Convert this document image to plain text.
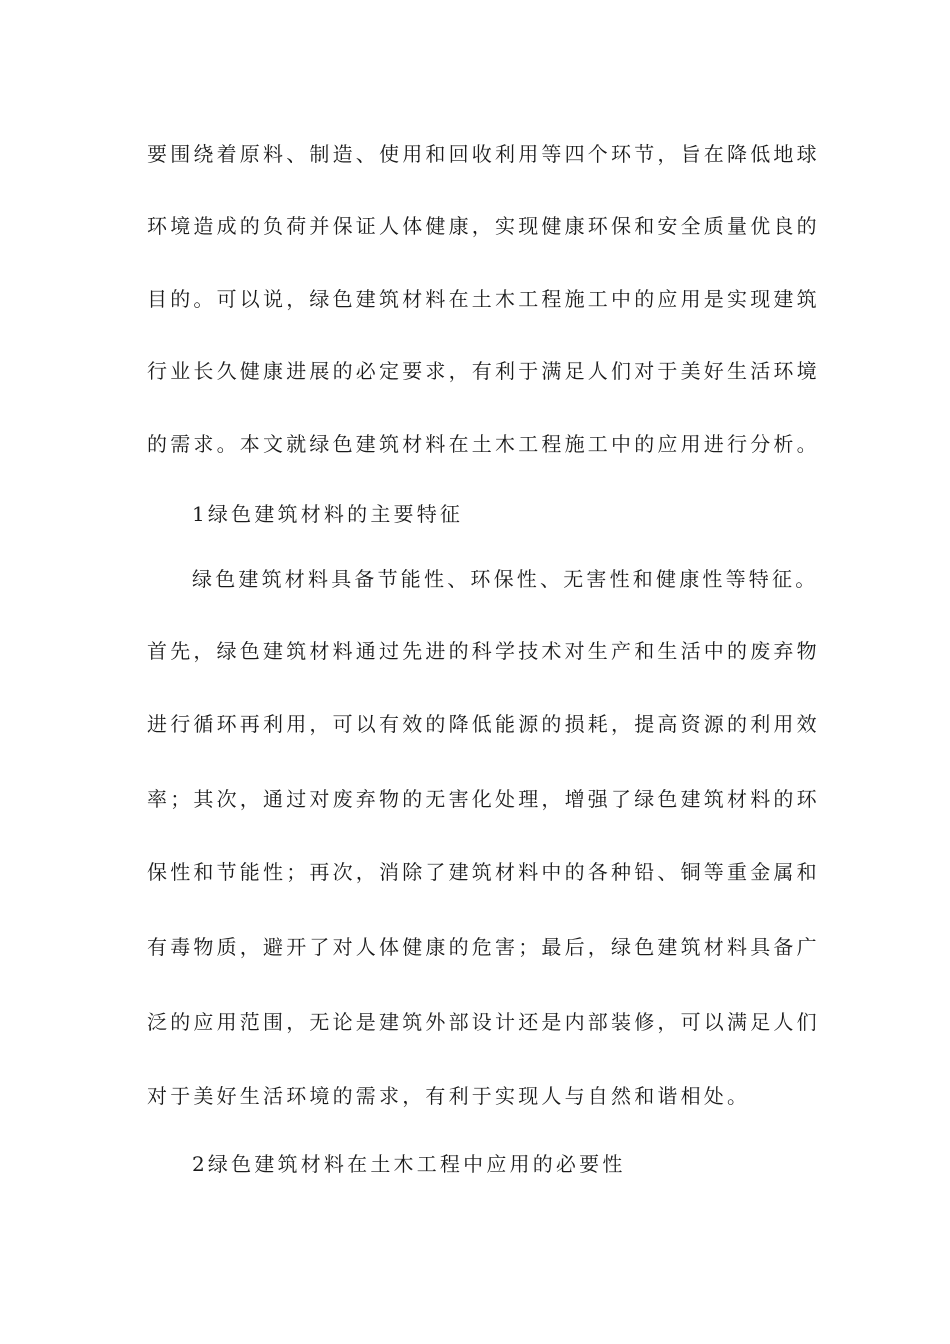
要围绕着原料、制造、使用和回收利用等四个环节，旨在降低地球
环境造成的负荷并保证人体健康，实现健康环保和安全质量优良的
目的。可以说，绿色建筑材料在土木工程施工中的应用是实现建筑
行业长久健康进展的必定要求，有利于满足人们对于美好生活环境
的需求。本文就绿色建筑材料在土木工程施工中的应用进行分析。
1绿色建筑材料的主要特征
绿色建筑材料具备节能性、环保性、无害性和健康性等特征。
首先，绿色建筑材料通过先进的科学技术对生产和生活中的废弃物
进行循环再利用，可以有效的降低能源的损耗，提高资源的利用效
率；其次，通过对废弃物的无害化处理，增强了绿色建筑材料的环
保性和节能性；再次，消除了建筑材料中的各种铅、铜等重金属和
有毒物质，避开了对人体健康的危害；最后，绿色建筑材料具备广
泛的应用范围，无论是建筑外部设计还是内部装修，可以满足人们
对于美好生活环境的需求，有利于实现人与自然和谐相处。
2绿色建筑材料在土木工程中应用的必要性
